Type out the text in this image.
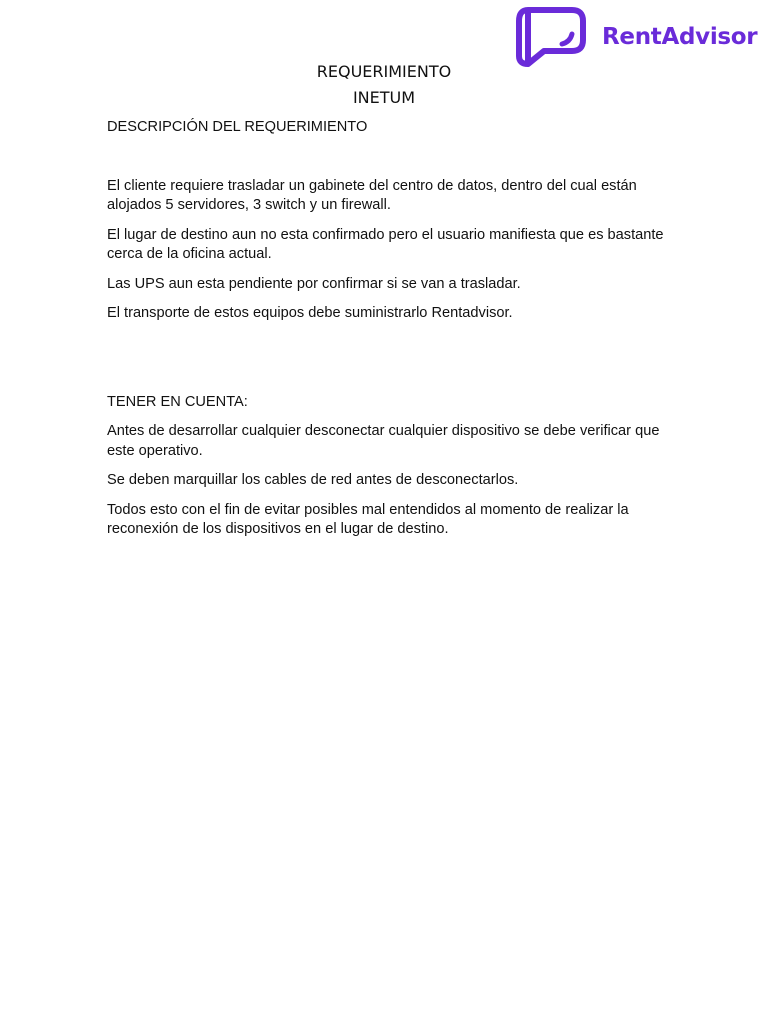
RentAdvisor
REQUERIMIENTO
INETUM

DESCRIPCIÓN DEL REQUERIMIENTO

El cliente requiere trasladar un gabinete del centro de datos, dentro del cual están alojados 5 servidores, 3 switch y un firewall.

El lugar de destino aun no esta confirmado pero el usuario manifiesta que es bastante cerca de la oficina actual.

Las UPS aun esta pendiente por confirmar si se van a trasladar.

El transporte de estos equipos debe suministrarlo Rentadvisor.

TENER EN CUENTA:

Antes de desarrollar cualquier desconectar cualquier dispositivo se debe verificar que este operativo.

Se deben marquillar los cables de red antes de desconectarlos.

Todos esto con el fin de evitar posibles mal entendidos al momento de realizar la reconexión de los dispositivos en el lugar de destino.
